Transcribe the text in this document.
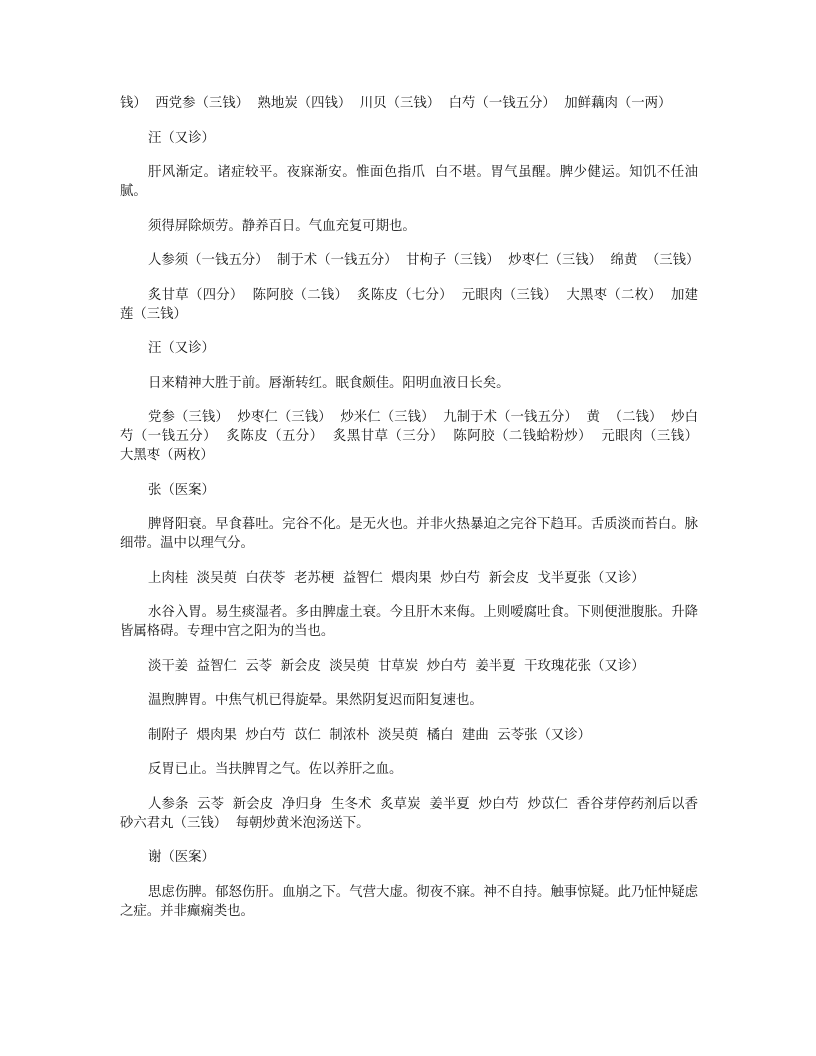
钱）  西党参（三钱）  熟地炭（四钱）  川贝（三钱）  白芍（一钱五分）  加鲜藕肉（一两）

汪（又诊）

肝风渐定。诸症较平。夜寐渐安。惟面色指爪  白不堪。胃气虽醒。脾少健运。知饥不任油腻。

须得屏除烦劳。静养百日。气血充复可期也。

人参须（一钱五分）  制于术（一钱五分）  甘枸子（三钱）  炒枣仁（三钱）  绵黄  （三钱）

炙甘草（四分）  陈阿胶（二钱）  炙陈皮（七分）  元眼肉（三钱）  大黑枣（二枚）  加建莲（三钱）

汪（又诊）

日来精神大胜于前。唇渐转红。眠食颇佳。阳明血液日长矣。

党参（三钱）  炒枣仁（三钱）  炒米仁（三钱）  九制于术（一钱五分）  黄  （二钱）  炒白芍（一钱五分）  炙陈皮（五分）  炙黑甘草（三分）  陈阿胶（二钱蛤粉炒）  元眼肉（三钱）  大黑枣（两枚）

张（医案）

脾肾阳衰。早食暮吐。完谷不化。是无火也。并非火热暴迫之完谷下趋耳。舌质淡而苔白。脉细带。温中以理气分。

上肉桂  淡吴萸  白茯苓  老苏梗  益智仁  煨肉果  炒白芍  新会皮  戈半夏张（又诊）

水谷入胃。易生痰湿者。多由脾虚土衰。今且肝木来侮。上则嗳腐吐食。下则便泄腹胀。升降皆属格碍。专理中宫之阳为的当也。

淡干姜  益智仁  云苓  新会皮  淡吴萸  甘草炭  炒白芍  姜半夏  干玫瑰花张（又诊）

温煦脾胃。中焦气机已得旋晕。果然阴复迟而阳复速也。

制附子  煨肉果  炒白芍  苡仁  制浓朴  淡吴萸  橘白  建曲  云苓张（又诊）

反胃已止。当扶脾胃之气。佐以养肝之血。

人参条  云苓  新会皮  净归身  生冬术  炙草炭  姜半夏  炒白芍  炒苡仁  香谷芽停药剂后以香砂六君丸（三钱）  每朝炒黄米泡汤送下。

谢（医案）

思虑伤脾。郁怒伤肝。血崩之下。气营大虚。彻夜不寐。神不自持。触事惊疑。此乃怔忡疑虑之症。并非癫痫类也。
